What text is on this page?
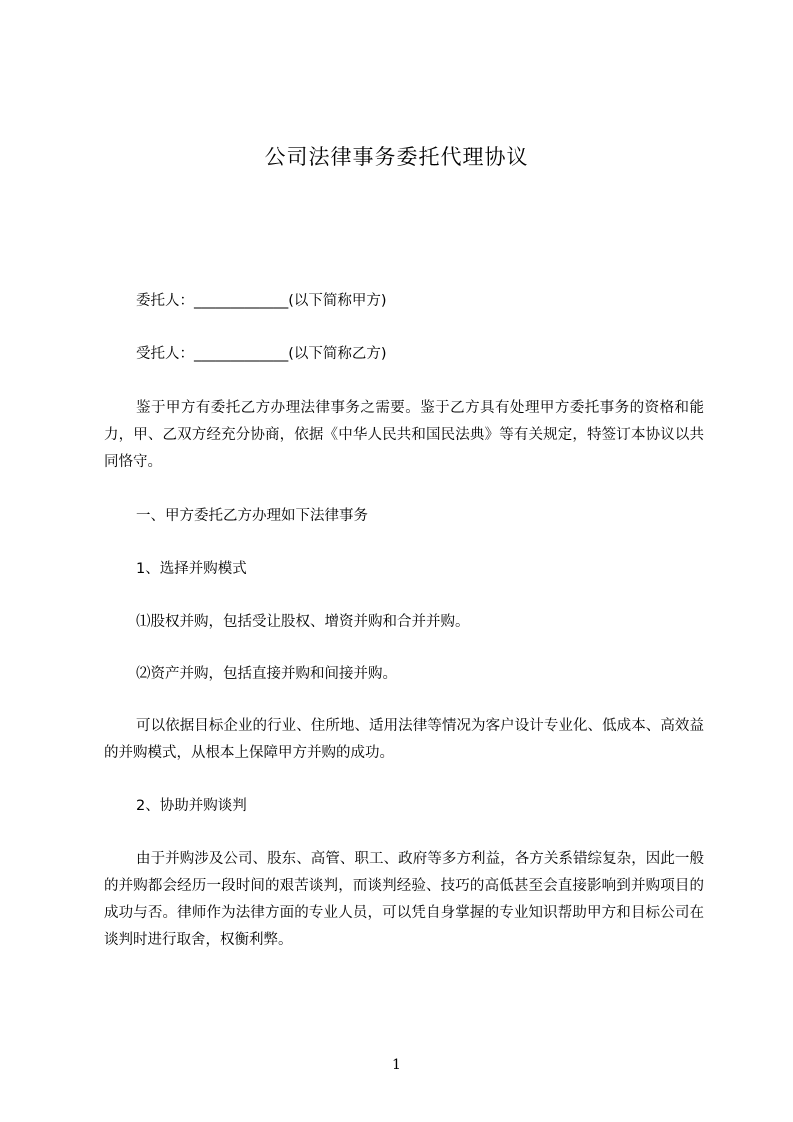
公司法律事务委托代理协议
委托人：_____________(以下简称甲方)
受托人：_____________(以下简称乙方)
鉴于甲方有委托乙方办理法律事务之需要。鉴于乙方具有处理甲方委托事务的资格和能力，甲、乙双方经充分协商，依据《中华人民共和国民法典》等有关规定，特签订本协议以共同恪守。
一、甲方委托乙方办理如下法律事务
1、选择并购模式
⑴股权并购，包括受让股权、增资并购和合并并购。
⑵资产并购，包括直接并购和间接并购。
可以依据目标企业的行业、住所地、适用法律等情况为客户设计专业化、低成本、高效益的并购模式，从根本上保障甲方并购的成功。
2、协助并购谈判
由于并购涉及公司、股东、高管、职工、政府等多方利益，各方关系错综复杂，因此一般的并购都会经历一段时间的艰苦谈判，而谈判经验、技巧的高低甚至会直接影响到并购项目的成功与否。律师作为法律方面的专业人员，可以凭自身掌握的专业知识帮助甲方和目标公司在谈判时进行取舍，权衡利弊。
1
